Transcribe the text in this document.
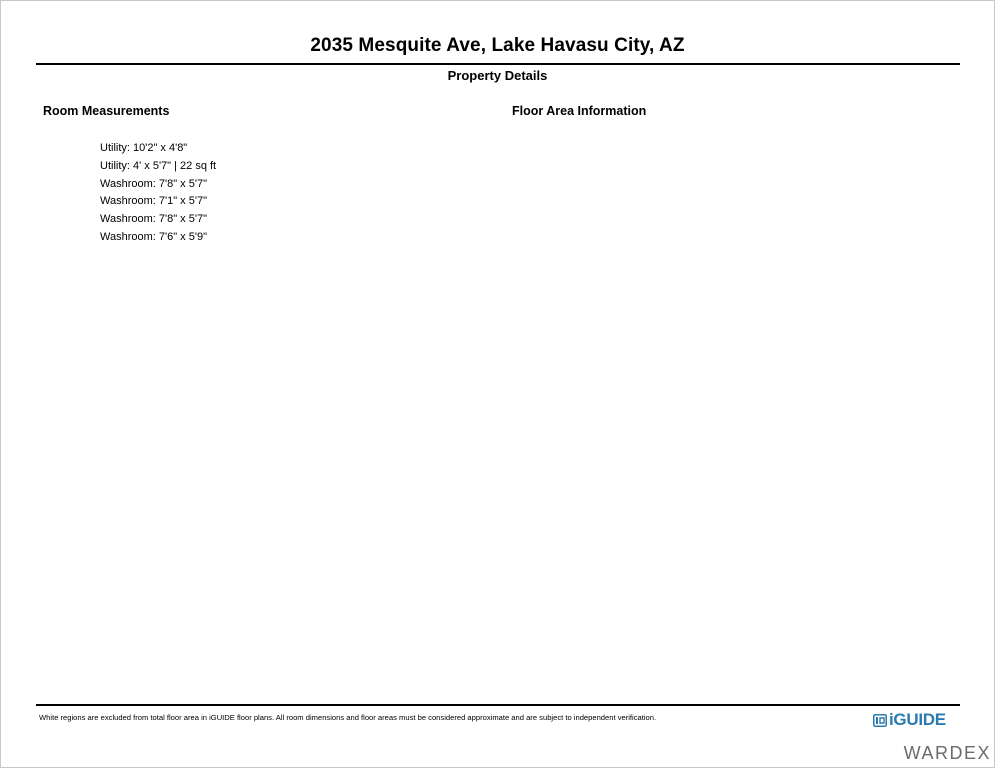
2035 Mesquite Ave, Lake Havasu City, AZ
Property Details
Room Measurements	Floor Area Information
Utility: 10'2" x 4'8"
Utility: 4' x 5'7" | 22 sq ft
Washroom: 7'8" x 5'7"
Washroom: 7'1" x 5'7"
Washroom: 7'8" x 5'7"
Washroom: 7'6" x 5'9"
White regions are excluded from total floor area in iGUIDE floor plans. All room dimensions and floor areas must be considered approximate and are subject to independent verification.	iGUIDE
WARDEX
